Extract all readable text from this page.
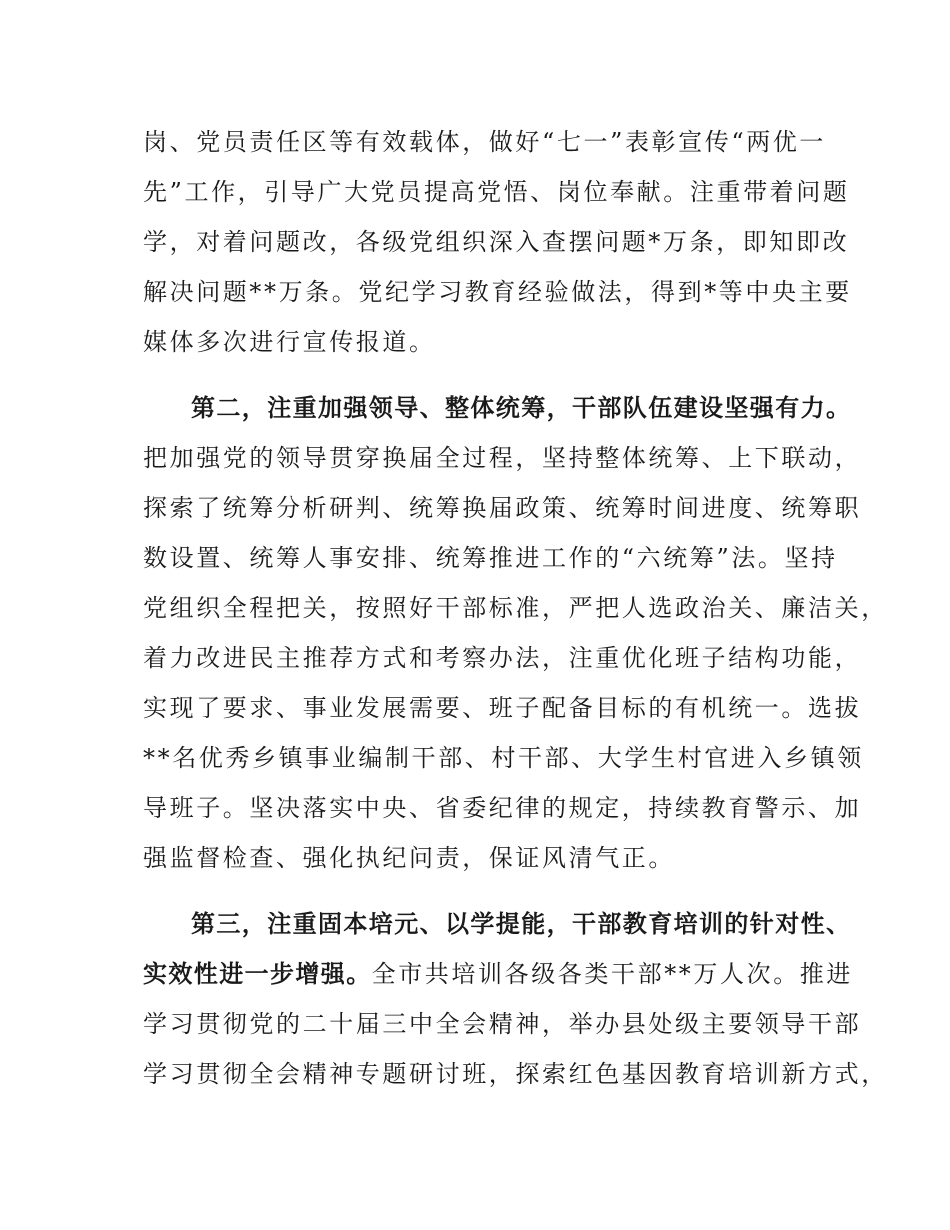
岗、党员责任区等有效载体，做好“七一”表彰宣传“两优一
先”工作，引导广大党员提高党悟、岗位奉献。注重带着问题
学，对着问题改，各级党组织深入查摆问题*万条，即知即改
解决问题**万条。党纪学习教育经验做法，得到*等中央主要
媒体多次进行宣传报道。
第二，注重加强领导、整体统筹，干部队伍建设坚强有力。
把加强党的领导贯穿换届全过程，坚持整体统筹、上下联动，
探索了统筹分析研判、统筹换届政策、统筹时间进度、统筹职
数设置、统筹人事安排、统筹推进工作的“六统筹”法。坚持
党组织全程把关，按照好干部标准，严把人选政治关、廉洁关，
着力改进民主推荐方式和考察办法，注重优化班子结构功能，
实现了要求、事业发展需要、班子配备目标的有机统一。选拔
**名优秀乡镇事业编制干部、村干部、大学生村官进入乡镇领
导班子。坚决落实中央、省委纪律的规定，持续教育警示、加
强监督检查、强化执纪问责，保证风清气正。
第三，注重固本培元、以学提能，干部教育培训的针对性、
实效性进一步增强。全市共培训各级各类干部**万人次。推进
学习贯彻党的二十届三中全会精神，举办县处级主要领导干部
学习贯彻全会精神专题研讨班，探索红色基因教育培训新方式，
